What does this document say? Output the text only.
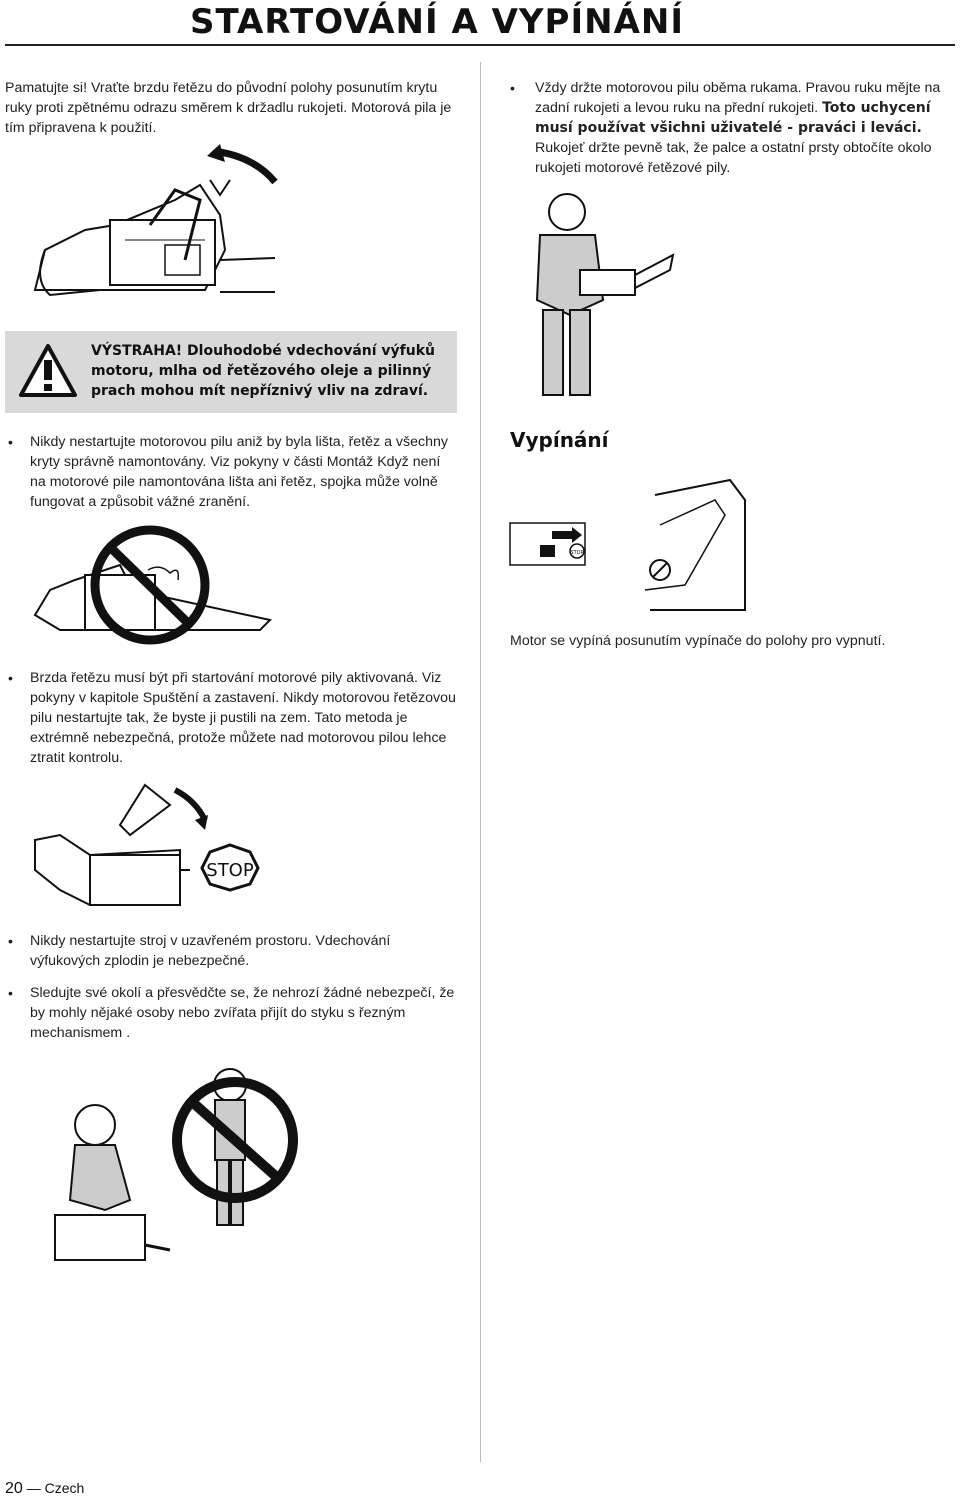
STARTOVÁNÍ A VYPÍNÁNÍ

Pamatujte si! Vraťte brzdu řetězu do původní polohy posunutím krytu ruky proti zpětnému odrazu směrem k držadlu rukojeti. Motorová pila je tím připravena k použití.

VÝSTRAHA! Dlouhodobé vdechování výfuků motoru, mlha od řetězového oleje a pilinný prach mohou mít nepříznivý vliv na zdraví.
•	Nikdy nestartujte motorovou pilu aniž by byla lišta, řetěz a všechny kryty správně namontovány. Viz pokyny v části Montáž Když není na motorové pile namontována lišta ani řetěz, spojka může volně fungovat a způsobit vážné zranění.

•	Brzda řetězu musí být při startování motorové pily aktivovaná. Viz pokyny v kapitole Spuštění a zastavení. Nikdy motorovou řetězovou pilu nestartujte tak, že byste ji pustili na zem. Tato metoda je extrémně nebezpečná, protože můžete nad motorovou pilou lehce ztratit kontrolu.

STOP
•	Nikdy nestartujte stroj v uzavřeném prostoru. Vdechování výfukových zplodin je nebezpečné.

•	Sledujte své okolí a přesvědčte se, že nehrozí žádné nebezpečí, že by mohly nějaké osoby nebo zvířata přijít do styku s řezným mechanismem .

•	Vždy držte motorovou pilu oběma rukama. Pravou ruku mějte na zadní rukojeti a levou ruku na přední rukojeti. Toto uchycení musí používat všichni uživatelé - praváci i leváci. Rukojeť držte pevně tak, že palce a ostatní prsty obtočíte okolo rukojeti motorové řetězové pily.

Vypínání
STOP

Motor se vypíná posunutím vypínače do polohy pro vypnutí.

20 — Czech
